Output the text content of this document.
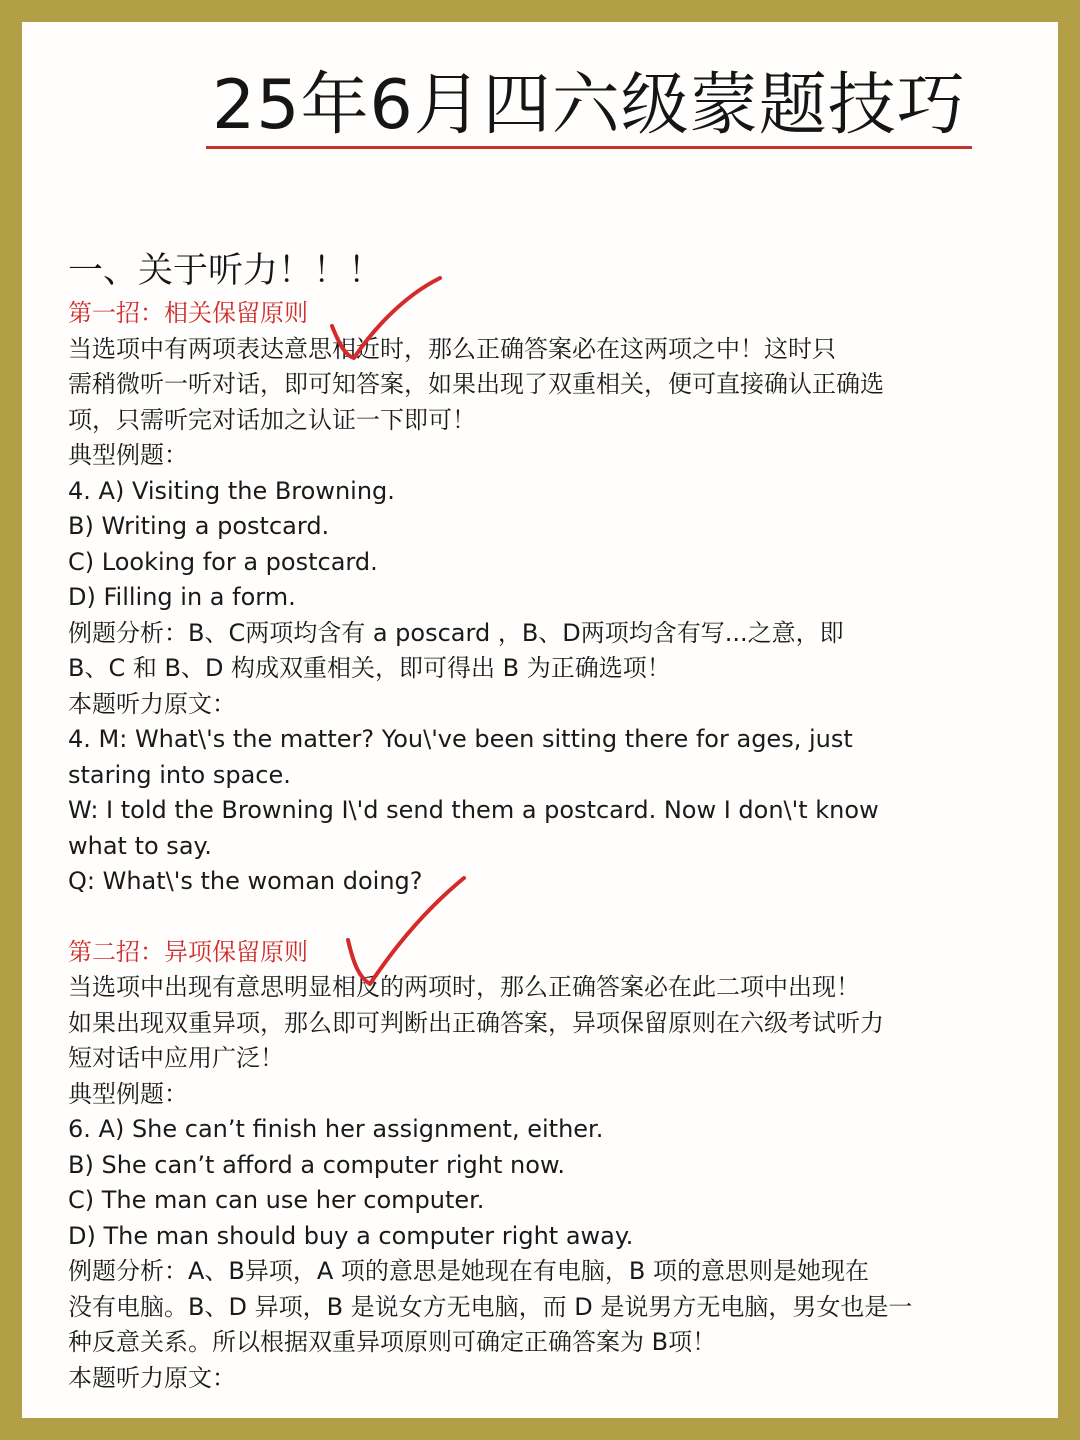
25年6月四六级蒙题技巧
一、关于听力！！！
第一招：相关保留原则
当选项中有两项表达意思相近时，那么正确答案必在这两项之中！这时只
需稍微听一听对话，即可知答案，如果出现了双重相关，便可直接确认正确选
项，只需听完对话加之认证一下即可！
典型例题：
4. A) Visiting the Browning.
B) Writing a postcard.
C) Looking for a postcard.
D) Filling in a form.
例题分析：B、C两项均含有 a poscard ，B、D两项均含有写...之意，即
B、C 和 B、D 构成双重相关，即可得出 B 为正确选项！
本题听力原文：
4. M: What\'s the matter? You\'ve been sitting there for ages, just
staring into space.
W: I told the Browning I\'d send them a postcard. Now I don\'t know
what to say.
Q: What\'s the woman doing?
第二招：异项保留原则
当选项中出现有意思明显相反的两项时，那么正确答案必在此二项中出现！
如果出现双重异项，那么即可判断出正确答案，异项保留原则在六级考试听力
短对话中应用广泛！
典型例题：
6. A) She can’t finish her assignment, either.
B) She can’t afford a computer right now.
C) The man can use her computer.
D) The man should buy a computer right away.
例题分析：A、B异项，A 项的意思是她现在有电脑，B 项的意思则是她现在
没有电脑。B、D 异项，B 是说女方无电脑，而 D 是说男方无电脑，男女也是一
种反意关系。所以根据双重异项原则可确定正确答案为 B项！
本题听力原文：
